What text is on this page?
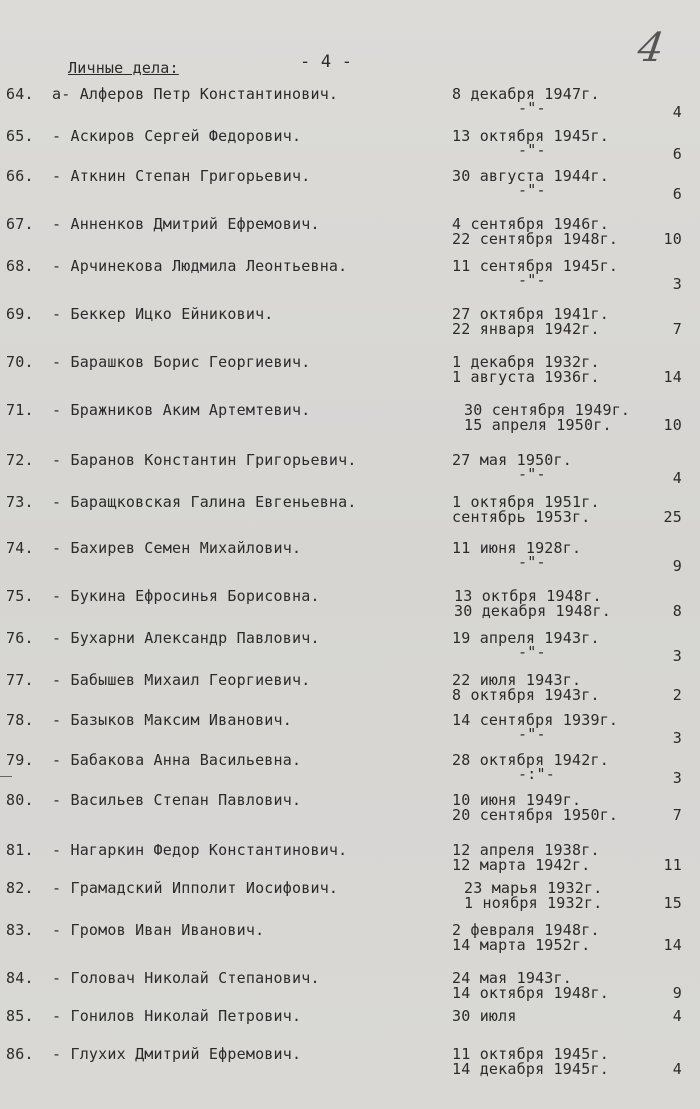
Личные дела:	- 4 -	4
64. а- Алферов Петр Константинович.	8 декабря 1947г.
-"-	4
65. - Аскиров Сергей Федорович.	13 октября 1945г.
-"-	6
66. - Аткнин Степан Григорьевич.	30 августа 1944г.
-"-	6
67. - Анненков Дмитрий Ефремович.	4 сентября 1946г.
22 сентября 1948г.	10
68. - Арчинекова Людмила Леонтьевна.	11 сентября 1945г.
-"-	3
69. - Беккер Ицко Ейникович.	27 октября 1941г.
22 января 1942г.	7
70. - Барашков Борис Георгиевич.	1 декабря 1932г.
1 августа 1936г.	14
71. - Бражников Аким Артемтевич.	30 сентября 1949г.
15 апреля 1950г.	10
72. - Баранов Константин Григорьевич.	27 мая 1950г.
-"-	4
73. - Баращковская Галина Евгеньевна.	1 октября 1951г.
сентябрь 1953г.	25
74. - Бахирев Семен Михайлович.	11 июня 1928г.
-"-	9
75. - Букина Ефросинья Борисовна.	13 октбря 1948г.
30 декабря 1948г.	8
76. - Бухарни Александр Павлович.	19 апреля 1943г.
-"-	3
77. - Бабышев Михаил Георгиевич.	22 июля 1943г.
8 октября 1943г.	2
78. - Базыков Максим Иванович.	14 сентября 1939г.
-"-	3
79. - Бабакова Анна Васильевна.	28 октября 1942г.
-:"-	3
80. - Васильев Степан Павлович.	10 июня 1949г.
20 сентября 1950г.	7
81. - Нагаркин Федор Константинович.	12 апреля 1938г.
12 марта 1942г.	11
82. - Грамадский Ипполит Иосифович.	23 марья 1932г.
1 ноября 1932г.	15
83. - Громов Иван Иванович.	2 февраля 1948г.
14 марта 1952г.	14
84. - Головач Николай Степанович.	24 мая 1943г.
14 октября 1948г.	9
85. - Гонилов Николай Петрович.	30 июля	4
86. - Глухих Дмитрий Ефремович.	11 октября 1945г.
14 декабря 1945г.	4
